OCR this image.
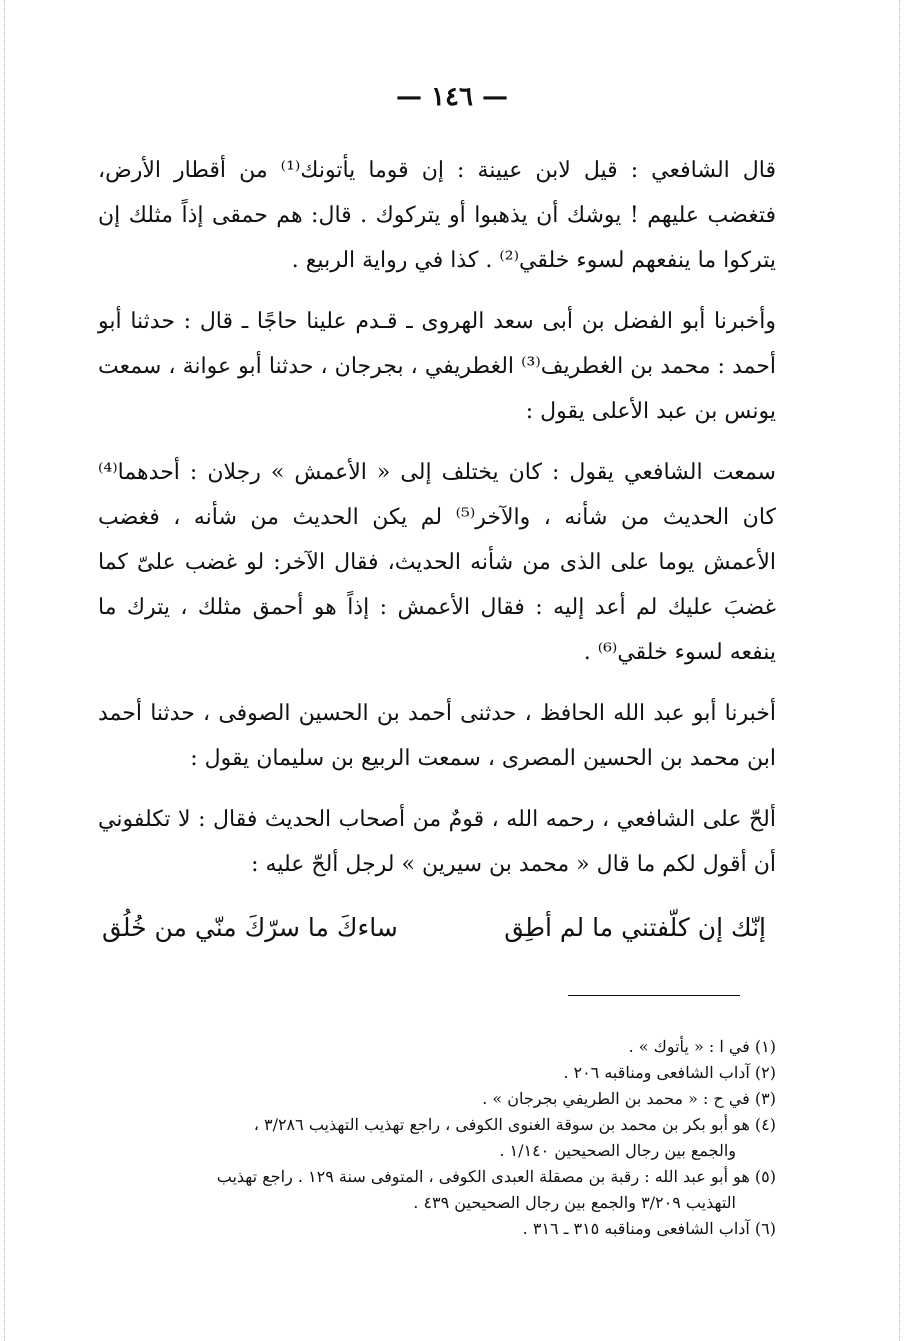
— ١٤٦ —

قال الشافعي : قيل لابن عيينة : إن قوما يأتونك⁽¹⁾ من أقطار الأرض، فتغضب عليهم ! يوشك أن يذهبوا أو يتركوك . قال: هم حمقى إذاً مثلك إن يتركوا ما ينفعهم لسوء خلقي⁽²⁾ . كذا في رواية الربيع .

وأخبرنا أبو الفضل بن أبى سعد الهروى ـ قـدم علينا حاجًا ـ قال : حدثنا أبو أحمد : محمد بن الغطريف⁽³⁾ الغطريفي ، بجرجان ، حدثنا أبو عوانة ، سمعت يونس بن عبد الأعلى يقول :

سمعت الشافعي يقول : كان يختلف إلى « الأعمش » رجلان : أحدهما⁽⁴⁾ كان الحديث من شأنه ، والآخر⁽⁵⁾ لم يكن الحديث من شأنه ، فغضب الأعمش يوما على الذى من شأنه الحديث، فقال الآخر: لو غضب علىّ كما غضبَ عليك لم أعد إليه : فقال الأعمش : إذاً هو أحمق مثلك ، يترك ما ينفعه لسوء خلقي⁽⁶⁾ .

أخبرنا أبو عبد الله الحافظ ، حدثنى أحمد بن الحسين الصوفى ، حدثنا أحمد ابن محمد بن الحسين المصرى ، سمعت الربيع بن سليمان يقول :

ألحّ على الشافعي ، رحمه الله ، قومٌ من أصحاب الحديث فقال : لا تكلفوني أن أقول لكم ما قال « محمد بن سيرين » لرجل ألحّ عليه :

إنّك إن كلّفتني ما لم أطِق
ساءكَ ما سرّكَ منّي من خُلُق

(١) في ا : « يأتوك » .

(٢) آداب الشافعى ومناقبه ٢٠٦ .

(٣) في ح : « محمد بن الطريفي بجرجان » .

(٤) هو أبو بكر بن محمد بن سوقة الغنوى الكوفى ، راجع تهذيب التهذيب ٣/٢٨٦ ،

والجمع بين رجال الصحيحين ١/١٤٠ .

(٥) هو أبو عبد الله : رقبة بن مصقلة العبدى الكوفى ، المتوفى سنة ١٢٩ . راجع تهذيب

التهذيب ٣/٢٠٩ والجمع بين رجال الصحيحين ٤٣٩ .

(٦) آداب الشافعى ومناقبه ٣١٥ ـ ٣١٦ .
